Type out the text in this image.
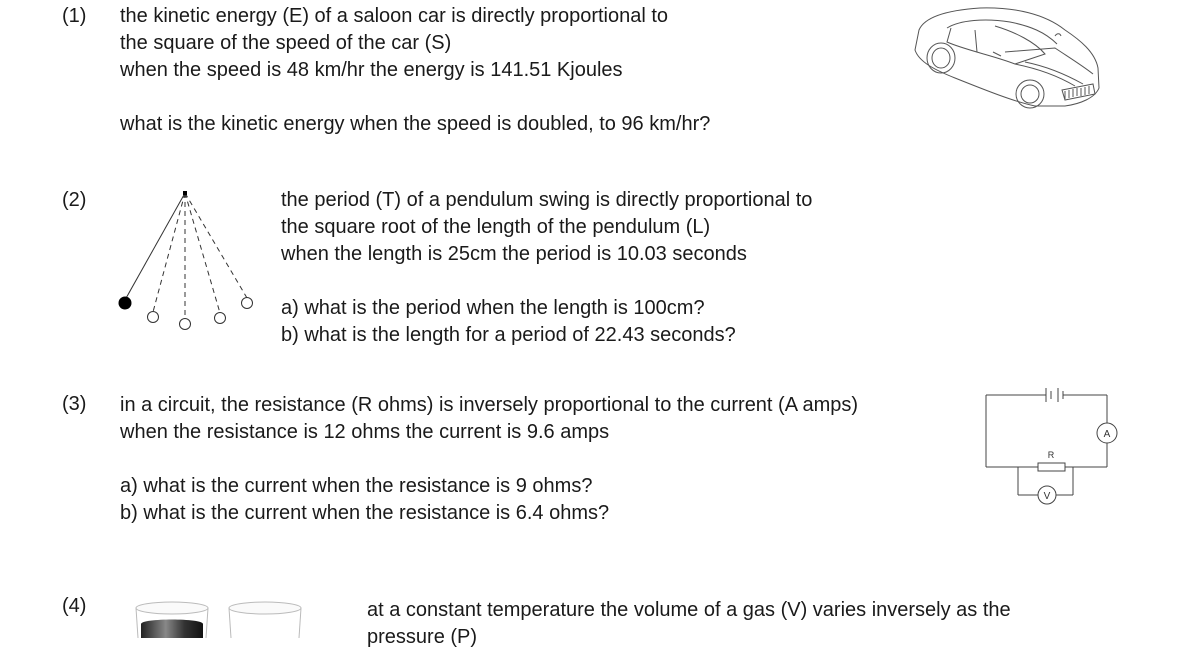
(1) the kinetic energy (E) of a saloon car is directly proportional to
the square of the speed of the car (S)
when the speed is 48 km/hr the energy is 141.51 Kjoules
what is the kinetic energy when the speed is doubled, to 96 km/hr?
(2)	the period (T) of a pendulum swing is directly proportional to
the square root of the length of the pendulum (L)
when the length is 25cm the period is 10.03 seconds
a) what is the period when the length is 100cm?
b) what is the length for a period of 22.43 seconds?
(3) in a circuit, the resistance (R ohms) is inversely proportional to the current (A amps)
when the resistance is 12 ohms the current is 9.6 amps
a) what is the current when the resistance is 9 ohms?
b) what is the current when the resistance is 6.4 ohms?
A
R
V
(4)	at a constant temperature the volume of a gas (V) varies inversely as the
pressure (P)
